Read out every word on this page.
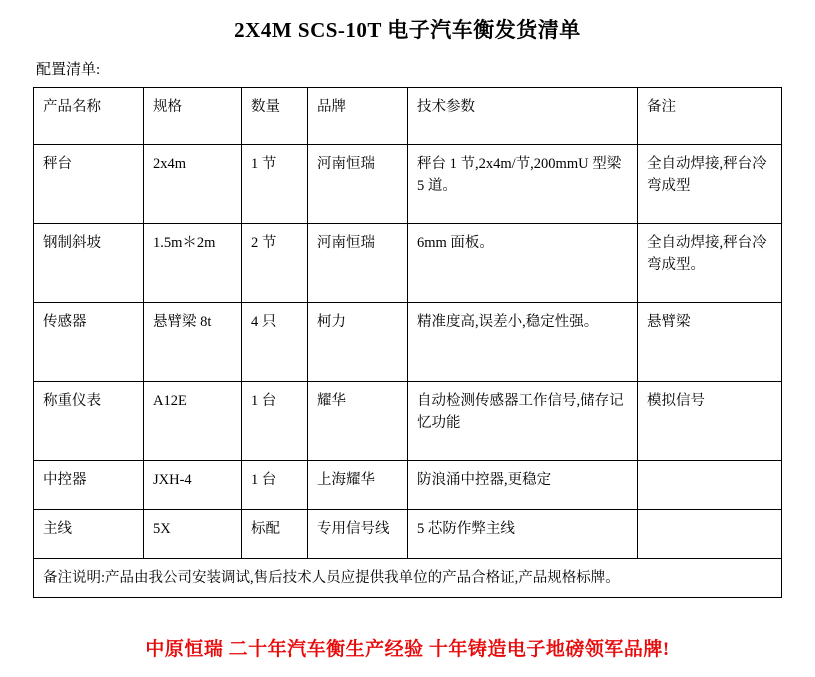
2X4M SCS-10T 电子汽车衡发货清单
配置清单:
产品名称	规格	数量	品牌	技术参数	备注
秤台	2x4m	1 节	河南恒瑞	秤台 1 节,2x4m/节,200mmU 型梁 5 道。	全自动焊接,秤台冷弯成型
钢制斜坡	1.5m＊2m	2 节	河南恒瑞	6mm 面板。	全自动焊接,秤台冷弯成型。
传感器	悬臂梁 8t	4 只	柯力	精准度高,误差小,稳定性强。	悬臂梁
称重仪表	A12E	1 台	耀华	自动检测传感器工作信号,储存记忆功能	模拟信号
中控器	JXH-4	1 台	上海耀华	防浪涌中控器,更稳定	
主线	5X	标配	专用信号线	5 芯防作弊主线	
备注说明:产品由我公司安装调试,售后技术人员应提供我单位的产品合格证,产品规格标牌。					
中原恒瑞 二十年汽车衡生产经验 十年铸造电子地磅领军品牌!
